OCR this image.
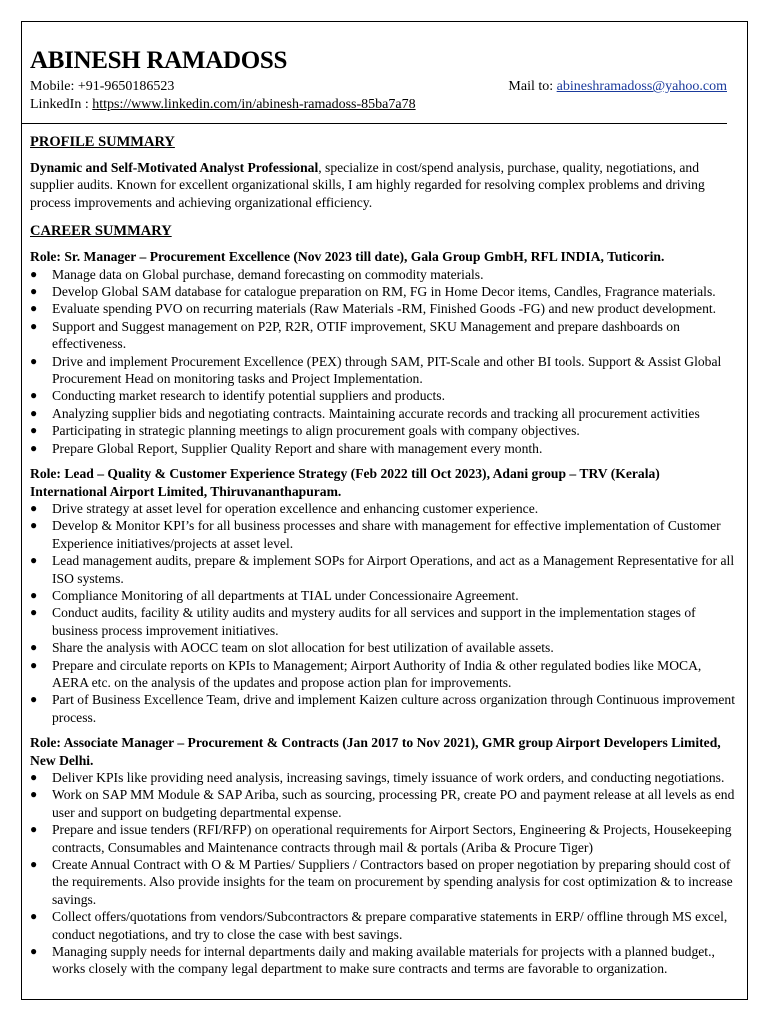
ABINESH RAMADOSS
Mobile: +91-9650186523	Mail to: abineshramadoss@yahoo.com
LinkedIn : https://www.linkedin.com/in/abinesh-ramadoss-85ba7a78
PROFILE SUMMARY

Dynamic and Self-Motivated Analyst Professional, specialize in cost/spend analysis, purchase, quality, negotiations, and supplier audits. Known for excellent organizational skills, I am highly regarded for resolving complex problems and driving process improvements and achieving organizational efficiency.

CAREER SUMMARY

Role: Sr. Manager – Procurement Excellence (Nov 2023 till date), Gala Group GmbH, RFL INDIA, Tuticorin.

● Manage data on Global purchase, demand forecasting on commodity materials.
● Develop Global SAM database for catalogue preparation on RM, FG in Home Decor items, Candles, Fragrance materials.
● Evaluate spending PVO on recurring materials (Raw Materials -RM, Finished Goods -FG) and new product development.
● Support and Suggest management on P2P, R2R, OTIF improvement, SKU Management and prepare dashboards on effectiveness.
● Drive and implement Procurement Excellence (PEX) through SAM, PIT-Scale and other BI tools. Support & Assist Global Procurement Head on monitoring tasks and Project Implementation.
● Conducting market research to identify potential suppliers and products.
● Analyzing supplier bids and negotiating contracts. Maintaining accurate records and tracking all procurement activities
● Participating in strategic planning meetings to align procurement goals with company objectives.
● Prepare Global Report, Supplier Quality Report and share with management every month.

Role: Lead – Quality & Customer Experience Strategy (Feb 2022 till Oct 2023), Adani group – TRV (Kerala) International Airport Limited, Thiruvananthapuram.

● Drive strategy at asset level for operation excellence and enhancing customer experience.
● Develop & Monitor KPI’s for all business processes and share with management for effective implementation of Customer Experience initiatives/projects at asset level.
● Lead management audits, prepare & implement SOPs for Airport Operations, and act as a Management Representative for all ISO systems.
● Compliance Monitoring of all departments at TIAL under Concessionaire Agreement.
● Conduct audits, facility & utility audits and mystery audits for all services and support in the implementation stages of business process improvement initiatives.
● Share the analysis with AOCC team on slot allocation for best utilization of available assets.
● Prepare and circulate reports on KPIs to Management; Airport Authority of India & other regulated bodies like MOCA, AERA etc. on the analysis of the updates and propose action plan for improvements.
● Part of Business Excellence Team, drive and implement Kaizen culture across organization through Continuous improvement process.

Role: Associate Manager – Procurement & Contracts (Jan 2017 to Nov 2021), GMR group Airport Developers Limited, New Delhi.

● Deliver KPIs like providing need analysis, increasing savings, timely issuance of work orders, and conducting negotiations.
● Work on SAP MM Module & SAP Ariba, such as sourcing, processing PR, create PO and payment release at all levels as end user and support on budgeting departmental expense.
● Prepare and issue tenders (RFI/RFP) on operational requirements for Airport Sectors, Engineering & Projects, Housekeeping contracts, Consumables and Maintenance contracts through mail & portals (Ariba & Procure Tiger)
● Create Annual Contract with O & M Parties/ Suppliers / Contractors based on proper negotiation by preparing should cost of the requirements. Also provide insights for the team on procurement by spending analysis for cost optimization & to increase savings.
● Collect offers/quotations from vendors/Subcontractors & prepare comparative statements in ERP/ offline through MS excel, conduct negotiations, and try to close the case with best savings.
● Managing supply needs for internal departments daily and making available materials for projects with a planned budget., works closely with the company legal department to make sure contracts and terms are favorable to organization.
